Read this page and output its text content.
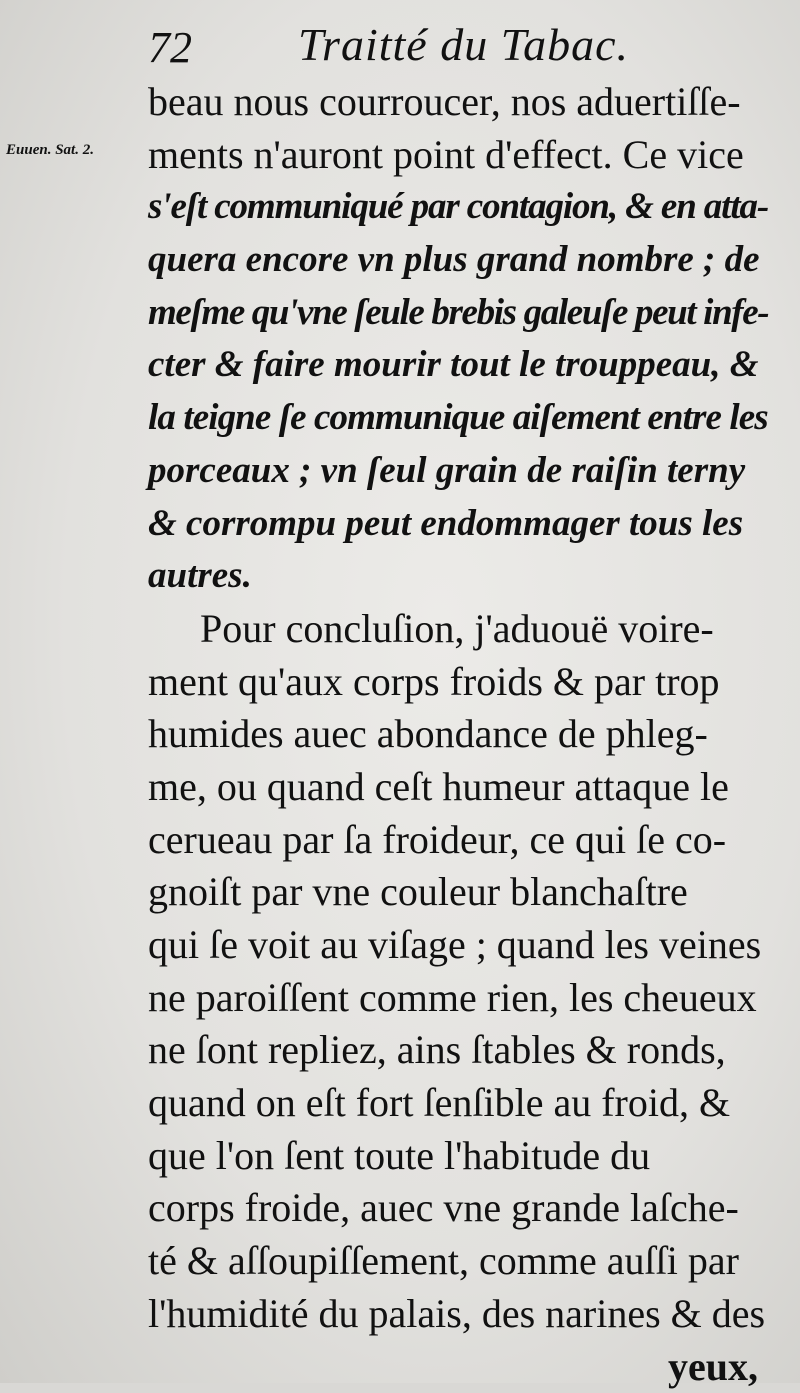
72 Traitté du Tabac.
Euuen. Sat. 2.
beau nous courroucer, nos aduertiſſe-
ments n'auront point d'effect. Ce vice
s'eſt communiqué par contagion, & en atta-
quera encore vn plus grand nombre ; de
meſme qu'vne ſeule brebis galeuſe peut infe-
cter & faire mourir tout le trouppeau, &
la teigne ſe communique aiſement entre les
porceaux ; vn ſeul grain de raiſin terny
& corrompu peut endommager tous les
autres.
Pour concluſion, j'aduouë voire-
ment qu'aux corps froids & par trop
humides auec abondance de phleg-
me, ou quand ceſt humeur attaque le
cerueau par ſa froideur, ce qui ſe co-
gnoiſt par vne couleur blanchaſtre
qui ſe voit au viſage ; quand les veines
ne paroiſſent comme rien, les cheueux
ne ſont repliez, ains ſtables & ronds,
quand on eſt fort ſenſible au froid, &
que l'on ſent toute l'habitude du
corps froide, auec vne grande laſche-
té & aſſoupiſſement, comme auſſi par
l'humidité du palais, des narines & des
yeux,
